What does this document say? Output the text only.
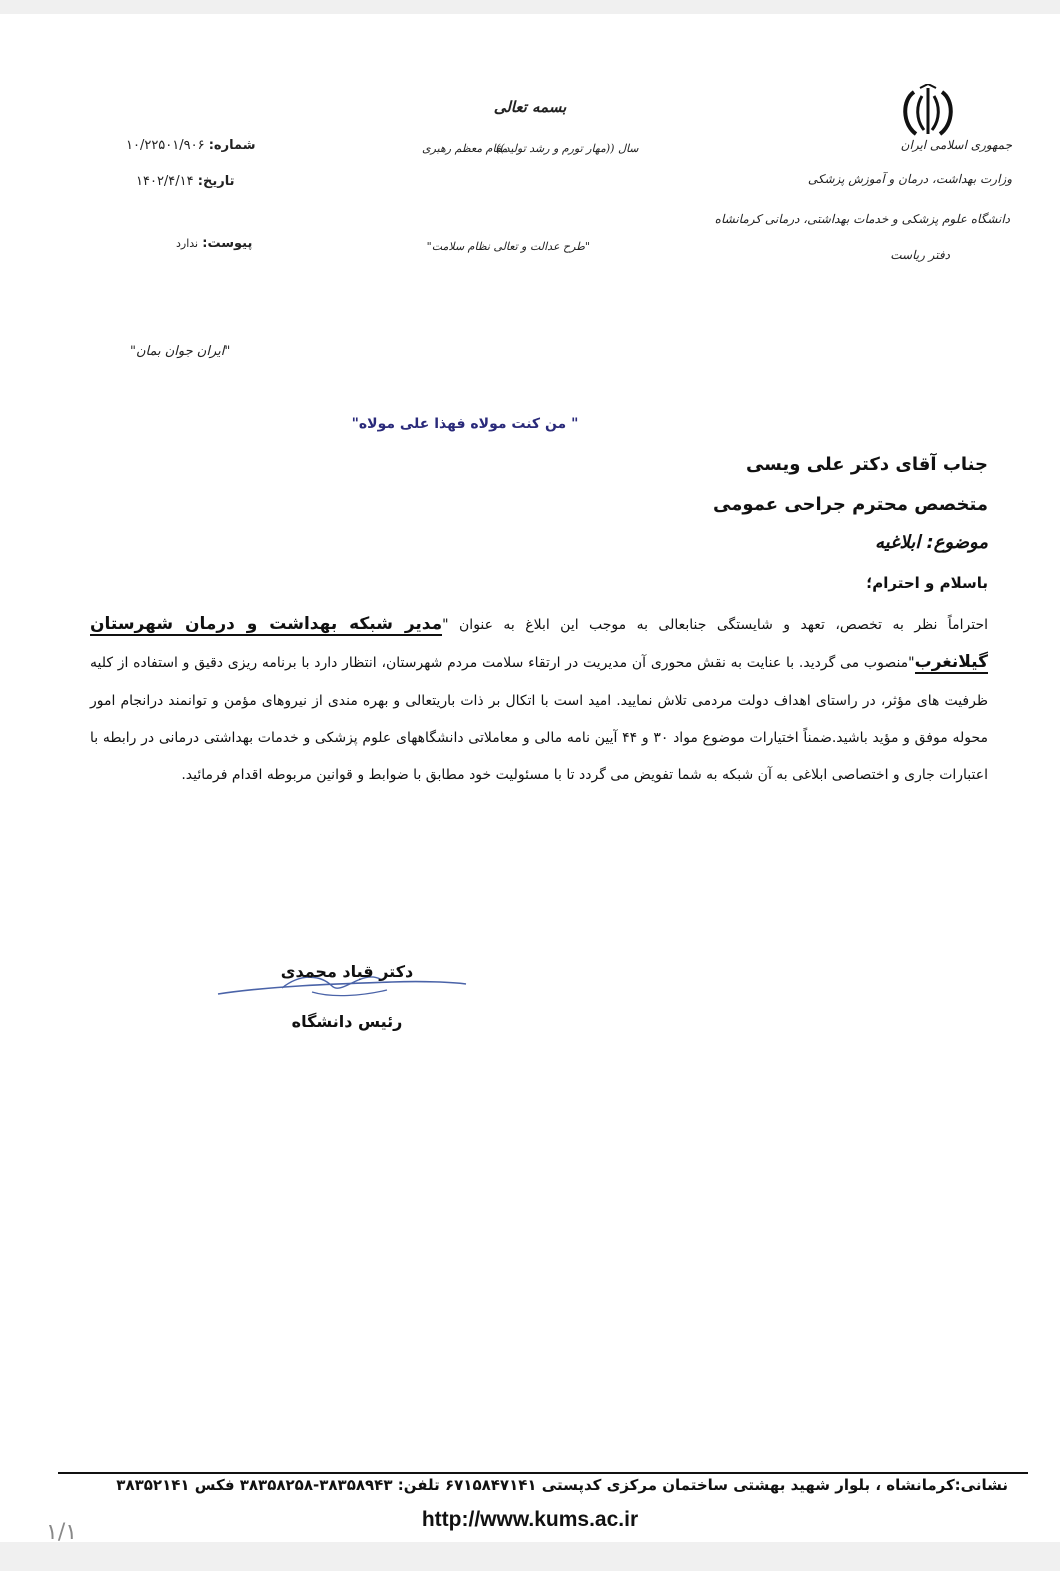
جمهوری اسلامی ایران
وزارت بهداشت، درمان و آموزش پزشکی
دانشگاه علوم پزشکی و خدمات بهداشتی، درمانی کرمانشاه
دفتر ریاست
بسمه تعالی
سال ((مهار تورم و رشد تولید))
مقام معظم رهبری
"طرح عدالت و تعالی نظام سلامت"
شماره: ۱۰/۲۲۵۰۱/۹۰۶
تاریخ: ۱۴۰۲/۴/۱۴
پیوست: ندارد
"ایران جوان بمان"
" من کنت مولاه فهذا علی مولاه"
جناب آقای دکتر علی ویسی
متخصص محترم جراحی عمومی
موضوع: ابلاغیه
باسلام و احترام؛
احتراماً نظر به تخصص، تعهد و شایستگی جنابعالی به موجب این ابلاغ به عنوان "مدیر شبکه بهداشت و درمان شهرستان گیلانغرب"منصوب می گردید. با عنایت به نقش محوری آن مدیریت در ارتقاء سلامت مردم شهرستان، انتظار دارد با برنامه ریزی دقیق و استفاده از کلیه ظرفیت های مؤثر، در راستای اهداف دولت مردمی تلاش نمایید. امید است با اتکال بر ذات باریتعالی و بهره مندی از نیروهای مؤمن و توانمند درانجام امور محوله موفق و مؤید باشید.ضمناً اختیارات موضوع مواد ۳۰ و ۴۴ آیین نامه مالی و معاملاتی دانشگاههای علوم پزشکی و خدمات بهداشتی درمانی در رابطه با اعتبارات جاری و اختصاصی ابلاغی به آن شبکه به شما تفویض می گردد تا با مسئولیت خود مطابق با ضوابط و قوانین مربوطه اقدام فرمائید.
دکتر قباد محمدی
رئیس دانشگاه
نشانی:کرمانشاه ، بلوار شهید بهشتی ساختمان مرکزی کدپستی ۶۷۱۵۸۴۷۱۴۱ تلفن: ۳۸۳۵۸۹۴۳-۳۸۳۵۸۲۵۸ فکس ۳۸۳۵۲۱۴۱
http://www.kums.ac.ir
۱/۱
